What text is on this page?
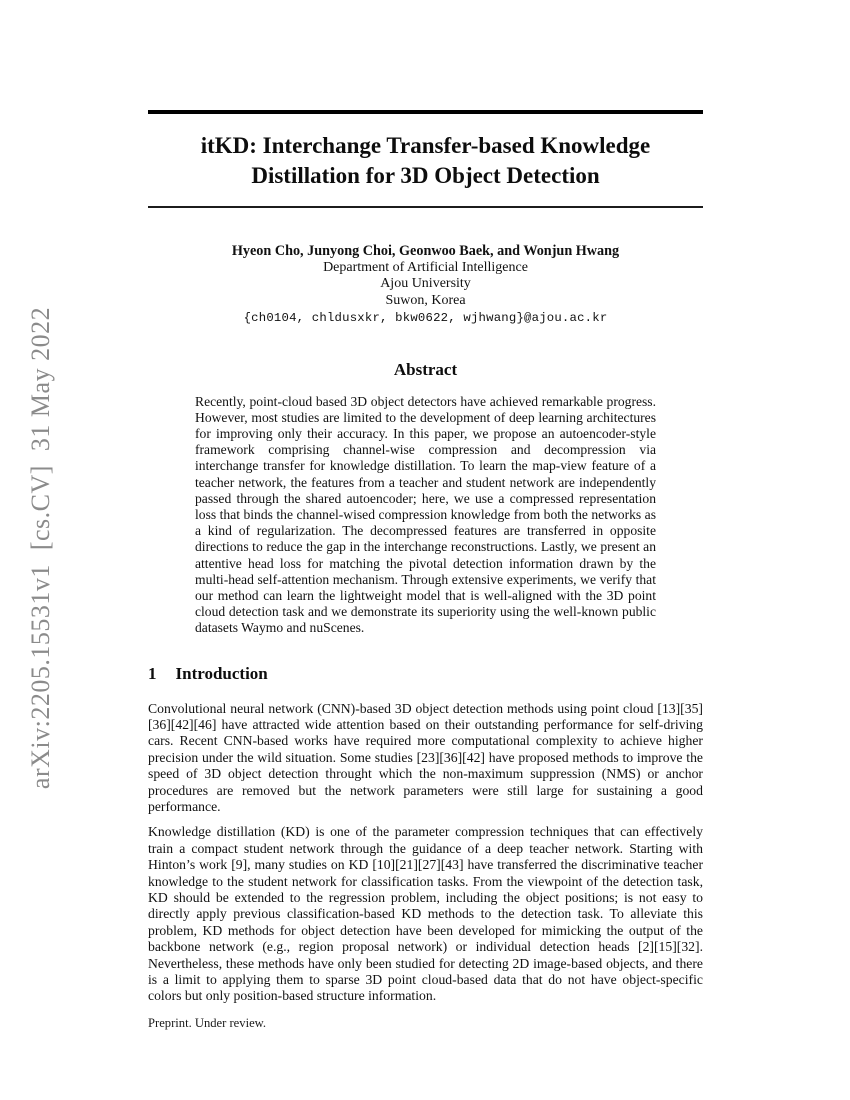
arXiv:2205.15531v1  [cs.CV]  31 May 2022
itKD: Interchange Transfer-based Knowledge
Distillation for 3D Object Detection
Hyeon Cho, Junyong Choi, Geonwoo Baek, and Wonjun Hwang
Department of Artificial Intelligence
Ajou University
Suwon, Korea
{ch0104, chldusxkr, bkw0622, wjhwang}@ajou.ac.kr
Abstract

Recently, point-cloud based 3D object detectors have achieved remarkable progress. However, most studies are limited to the development of deep learning architectures for improving only their accuracy. In this paper, we propose an autoencoder-style framework comprising channel-wise compression and decompression via interchange transfer for knowledge distillation. To learn the map-view feature of a teacher network, the features from a teacher and student network are independently passed through the shared autoencoder; here, we use a compressed representation loss that binds the channel-wised compression knowledge from both the networks as a kind of regularization. The decompressed features are transferred in opposite directions to reduce the gap in the interchange reconstructions. Lastly, we present an attentive head loss for matching the pivotal detection information drawn by the multi-head self-attention mechanism. Through extensive experiments, we verify that our method can learn the lightweight model that is well-aligned with the 3D point cloud detection task and we demonstrate its superiority using the well-known public datasets Waymo and nuScenes.

1 Introduction

Convolutional neural network (CNN)-based 3D object detection methods using point cloud [13][35][36][42][46] have attracted wide attention based on their outstanding performance for self-driving cars. Recent CNN-based works have required more computational complexity to achieve higher precision under the wild situation. Some studies [23][36][42] have proposed methods to improve the speed of 3D object detection throught which the non-maximum suppression (NMS) or anchor procedures are removed but the network parameters were still large for sustaining a good performance.

Knowledge distillation (KD) is one of the parameter compression techniques that can effectively train a compact student network through the guidance of a deep teacher network. Starting with Hinton’s work [9], many studies on KD [10][21][27][43] have transferred the discriminative teacher knowledge to the student network for classification tasks. From the viewpoint of the detection task, KD should be extended to the regression problem, including the object positions; is not easy to directly apply previous classification-based KD methods to the detection task. To alleviate this problem, KD methods for object detection have been developed for mimicking the output of the backbone network (e.g., region proposal network) or individual detection heads [2][15][32]. Nevertheless, these methods have only been studied for detecting 2D image-based objects, and there is a limit to applying them to sparse 3D point cloud-based data that do not have object-specific colors but only position-based structure information.

Preprint. Under review.
